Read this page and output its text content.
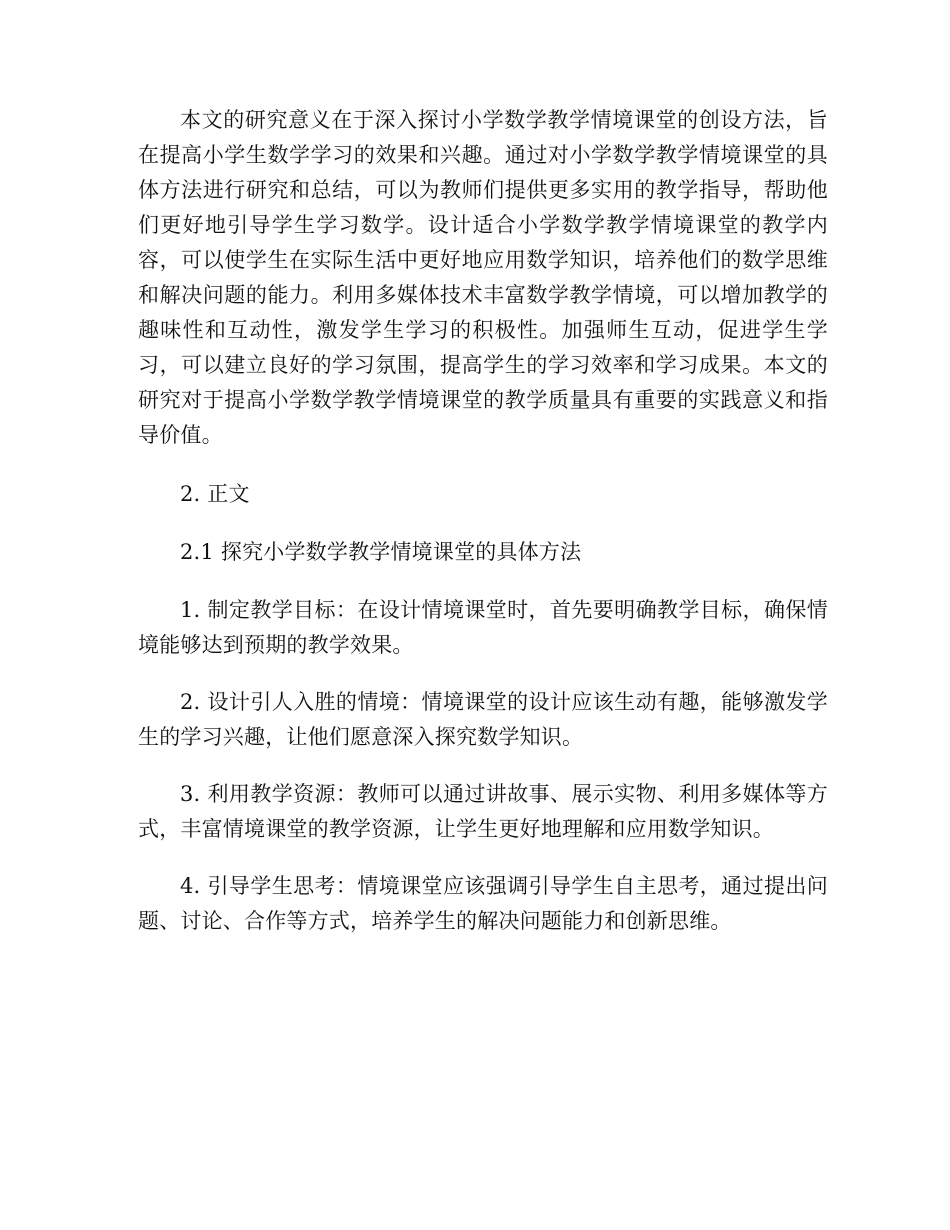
本文的研究意义在于深入探讨小学数学教学情境课堂的创设方法，旨在提高小学生数学学习的效果和兴趣。通过对小学数学教学情境课堂的具体方法进行研究和总结，可以为教师们提供更多实用的教学指导，帮助他们更好地引导学生学习数学。设计适合小学数学教学情境课堂的教学内容，可以使学生在实际生活中更好地应用数学知识，培养他们的数学思维和解决问题的能力。利用多媒体技术丰富数学教学情境，可以增加教学的趣味性和互动性，激发学生学习的积极性。加强师生互动，促进学生学习，可以建立良好的学习氛围，提高学生的学习效率和学习成果。本文的研究对于提高小学数学教学情境课堂的教学质量具有重要的实践意义和指导价值。

2. 正文

2.1 探究小学数学教学情境课堂的具体方法

1. 制定教学目标：在设计情境课堂时，首先要明确教学目标，确保情境能够达到预期的教学效果。

2. 设计引人入胜的情境：情境课堂的设计应该生动有趣，能够激发学生的学习兴趣，让他们愿意深入探究数学知识。

3. 利用教学资源：教师可以通过讲故事、展示实物、利用多媒体等方式，丰富情境课堂的教学资源，让学生更好地理解和应用数学知识。

4. 引导学生思考：情境课堂应该强调引导学生自主思考，通过提出问题、讨论、合作等方式，培养学生的解决问题能力和创新思维。
